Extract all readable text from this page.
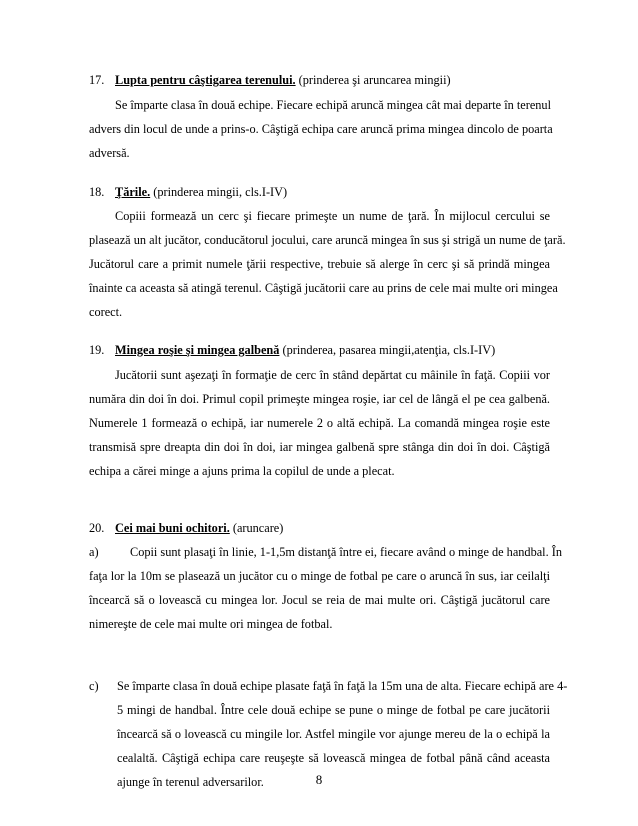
17. Lupta pentru câştigarea terenului. (prinderea şi aruncarea mingii)
Se împarte clasa în două echipe. Fiecare echipă aruncă mingea cât mai departe în terenul
advers din locul de unde a prins-o. Câştigă echipa care aruncă prima mingea dincolo de poarta
adversă.
18. Ţările. (prinderea mingii, cls.I-IV)
Copiii formează un cerc şi fiecare primeşte un nume de ţară. În mijlocul cercului se
plasează un alt jucător, conducătorul jocului, care aruncă mingea în sus şi strigă un nume de ţară.
Jucătorul care a primit numele ţării respective, trebuie să alerge în cerc şi să prindă mingea
înainte ca aceasta să atingă terenul. Câştigă jucătorii care au prins de cele mai multe ori mingea
corect.
19. Mingea roşie şi mingea galbenă (prinderea, pasarea mingii,atenţia, cls.I-IV)
Jucătorii sunt aşezaţi în formaţie de cerc în stând depărtat cu mâinile în faţă. Copiii vor
număra din doi în doi. Primul copil primeşte mingea roşie, iar cel de lângă el pe cea galbenă.
Numerele 1 formează o echipă, iar numerele 2 o altă echipă. La comandă mingea roşie este
transmisă spre dreapta din doi în doi, iar mingea galbenă spre stânga din doi în doi. Câştigă
echipa a cărei minge a ajuns prima la copilul de unde a plecat.
20. Cei mai buni ochitori. (aruncare)
a)	Copii sunt plasaţi în linie, 1-1,5m distanţă între ei, fiecare având o minge de handbal. În
faţa lor la 10m se plasează un jucător cu o minge de fotbal pe care o aruncă în sus, iar ceilalţi
încearcă să o lovească cu mingea lor. Jocul se reia de mai multe ori. Câştigă jucătorul care
nimereşte de cele mai multe ori mingea de fotbal.
c)	Se împarte clasa în două echipe plasate faţă în faţă la 15m una de alta. Fiecare echipă are 4-
5 mingi de handbal. Între cele două echipe se pune o minge de fotbal pe care jucătorii
încearcă să o lovească cu mingile lor. Astfel mingile vor ajunge mereu de la o echipă la
cealaltă. Câştigă echipa care reuşeşte să lovească mingea de fotbal până când aceasta
ajunge în terenul adversarilor.	8
